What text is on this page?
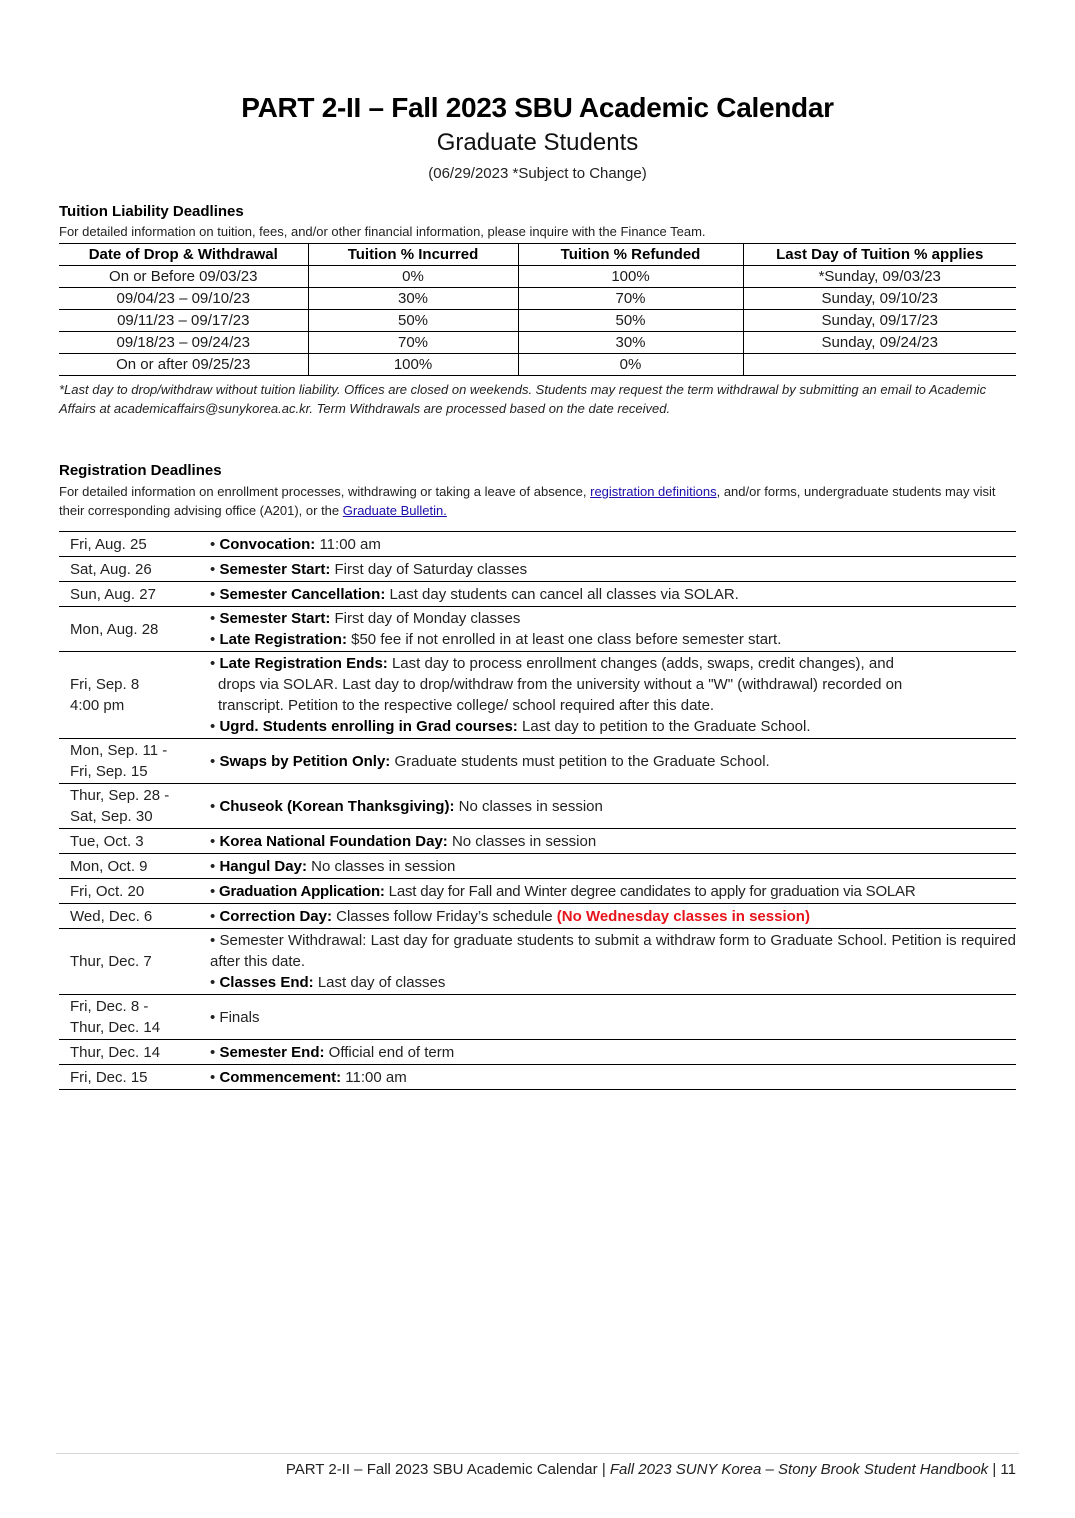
PART 2-II – Fall 2023 SBU Academic Calendar
Graduate Students
(06/29/2023 *Subject to Change)
Tuition Liability Deadlines
For detailed information on tuition, fees, and/or other financial information, please inquire with the Finance Team.
Date of Drop & Withdrawal	Tuition % Incurred	Tuition % Refunded	Last Day of Tuition % applies
On or Before 09/03/23	0%	100%	*Sunday, 09/03/23
09/04/23 – 09/10/23	30%	70%	Sunday, 09/10/23
09/11/23 – 09/17/23	50%	50%	Sunday, 09/17/23
09/18/23 – 09/24/23	70%	30%	Sunday, 09/24/23
On or after 09/25/23	100%	0%	
*Last day to drop/withdraw without tuition liability. Offices are closed on weekends. Students may request the term withdrawal by submitting an email to Academic Affairs at academicaffairs@sunykorea.ac.kr. Term Withdrawals are processed based on the date received.
Registration Deadlines
For detailed information on enrollment processes, withdrawing or taking a leave of absence, registration definitions, and/or forms, undergraduate students may visit their corresponding advising office (A201), or the Graduate Bulletin.
Fri, Aug. 25	• Convocation: 11:00 am

Sat, Aug. 26	• Semester Start: First day of Saturday classes

Sun, Aug. 27	• Semester Cancellation: Last day students can cancel all classes via SOLAR.

Mon, Aug. 28	• Semester Start: First day of Monday classes
• Late Registration: $50 fee if not enrolled in at least one class before semester start.

Fri, Sep. 8
4:00 pm	• Late Registration Ends: Last day to process enrollment changes (adds, swaps, credit changes), and
drops via SOLAR. Last day to drop/withdraw from the university without a "W" (withdrawal) recorded on
transcript. Petition to the respective college/ school required after this date.
• Ugrd. Students enrolling in Grad courses: Last day to petition to the Graduate School.

Mon, Sep. 11 -
Fri, Sep. 15	• Swaps by Petition Only: Graduate students must petition to the Graduate School.

Thur, Sep. 28 -
Sat, Sep. 30	• Chuseok (Korean Thanksgiving): No classes in session

Tue, Oct. 3	• Korea National Foundation Day: No classes in session

Mon, Oct. 9	• Hangul Day: No classes in session

Fri, Oct. 20	• Graduation Application: Last day for Fall and Winter degree candidates to apply for graduation via SOLAR

Wed, Dec. 6	• Correction Day: Classes follow Friday’s schedule (No Wednesday classes in session)

Thur, Dec. 7	• Semester Withdrawal: Last day for graduate students to submit a withdraw form to Graduate School. Petition is required after this date.
• Classes End: Last day of classes

Fri, Dec. 8 -
Thur, Dec. 14	• Finals

Thur, Dec. 14	• Semester End: Official end of term

Fri, Dec. 15	• Commencement: 11:00 am
PART 2-II – Fall 2023 SBU Academic Calendar | Fall 2023 SUNY Korea – Stony Brook Student Handbook | 11
